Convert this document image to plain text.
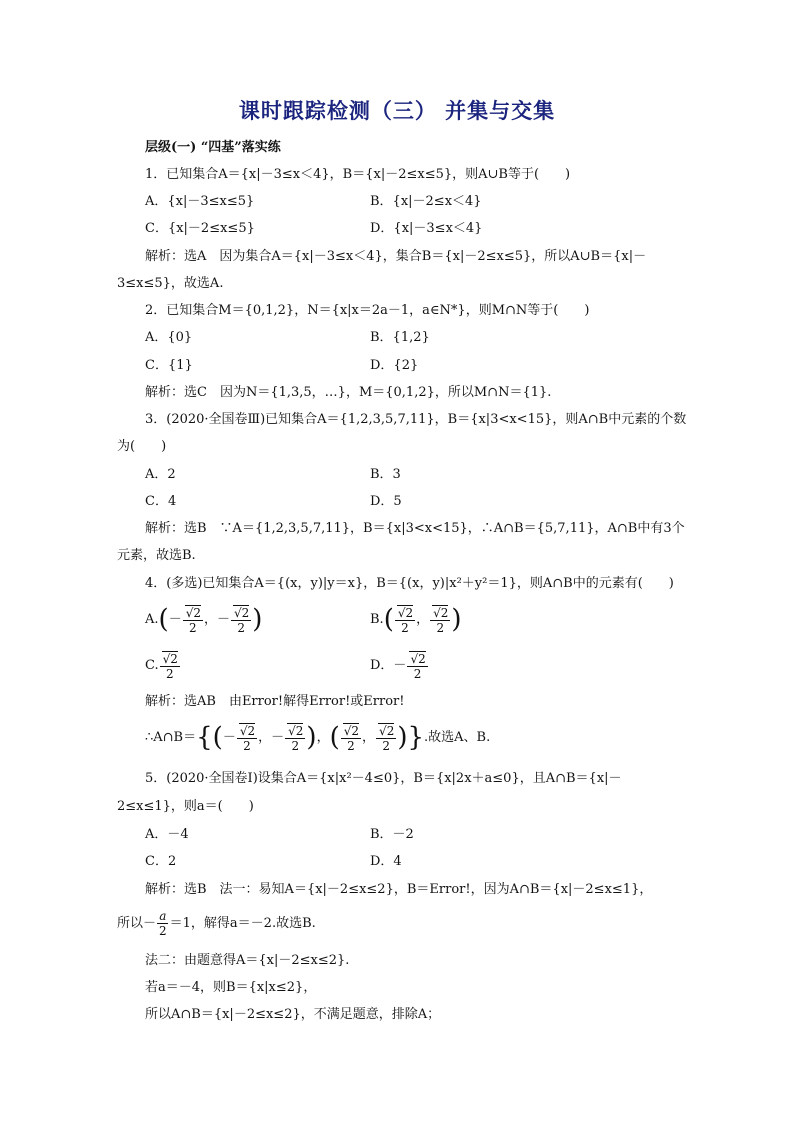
课时跟踪检测（三） 并集与交集
层级(一) “四基”落实练
1．已知集合A＝{x|－3≤x＜4}，B＝{x|－2≤x≤5}，则A∪B等于(　　)
A．{x|－3≤x≤5}	B．{x|－2≤x＜4}
C．{x|－2≤x≤5}	D．{x|－3≤x＜4}
解析：选A　因为集合A＝{x|－3≤x＜4}，集合B＝{x|－2≤x≤5}，所以A∪B＝{x|－
3≤x≤5}，故选A.
2．已知集合M＝{0,1,2}，N＝{x|x＝2a－1，a∈N*}，则M∩N等于(　　)
A．{0}	B．{1,2}
C．{1}	D．{2}
解析：选C　因为N＝{1,3,5，…}，M＝{0,1,2}，所以M∩N＝{1}.
3．(2020·全国卷Ⅲ)已知集合A＝{1,2,3,5,7,11}，B＝{x|3<x<15}，则A∩B中元素的个数
为(　　)
A．2	B．3
C．4	D．5
解析：选B　∵A＝{1,2,3,5,7,11}，B＝{x|3<x<15}，∴A∩B＝{5,7,11}，A∩B中有3个
元素，故选B.
4．(多选)已知集合A＝{(x，y)|y＝x}，B＝{(x，y)|x²＋y²＝1}，则A∩B中的元素有(　　)
$A.(- \frac{√2}{2}$ ，－ $\frac{√2}{2}$ )	$B.( \frac{√2}{2}$ ， $\frac{√2}{2}$ )
C. $\frac{√2}{2}$	D．－ $\frac{√2}{2}$
解析：选AB　由Error!解得Error!或Error!
∴A∩B＝{(－ $\frac{√2}{2}$ ，－ $\frac{√2}{2}$ )，( $\frac{√2}{2}$ ， $\frac{√2}{2}$ )}.故选A、B.
5．(2020·全国卷Ⅰ)设集合A＝{x|x²－4≤0}，B＝{x|2x＋a≤0}，且A∩B＝{x|－
2≤x≤1}，则a＝(　　)
A．－4	B．－2
C．2	D．4
解析：选B　法一：易知A＝{x|－2≤x≤2}，B＝Error!，因为A∩B＝{x|－2≤x≤1}，
所以－ $\frac{a}{2} =1$，解得a＝－2.故选B.
法二：由题意得A＝{x|－2≤x≤2}.
若a＝－4，则B＝{x|x≤2}，
所以A∩B＝{x|－2≤x≤2}，不满足题意，排除A；
